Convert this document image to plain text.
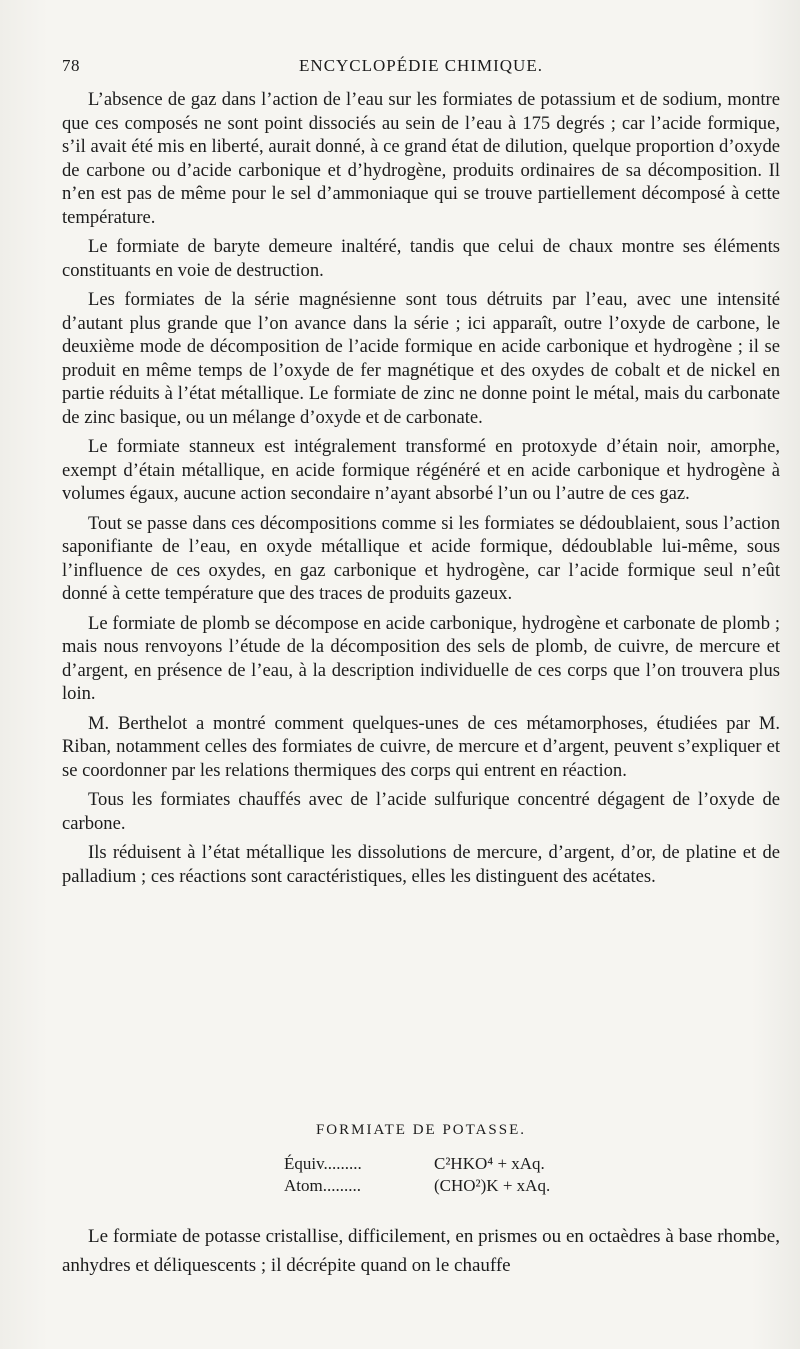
78	ENCYCLOPÉDIE CHIMIQUE.

L’absence de gaz dans l’action de l’eau sur les formiates de potassium et de sodium, montre que ces composés ne sont point dissociés au sein de l’eau à 175 degrés ; car l’acide formique, s’il avait été mis en liberté, aurait donné, à ce grand état de dilution, quelque proportion d’oxyde de carbone ou d’acide carbonique et d’hydrogène, produits ordinaires de sa décomposition. Il n’en est pas de même pour le sel d’ammoniaque qui se trouve partiellement décomposé à cette température.

Le formiate de baryte demeure inaltéré, tandis que celui de chaux montre ses éléments constituants en voie de destruction.

Les formiates de la série magnésienne sont tous détruits par l’eau, avec une intensité d’autant plus grande que l’on avance dans la série ; ici apparaît, outre l’oxyde de carbone, le deuxième mode de décomposition de l’acide formique en acide carbonique et hydrogène ; il se produit en même temps de l’oxyde de fer magnétique et des oxydes de cobalt et de nickel en partie réduits à l’état métallique. Le formiate de zinc ne donne point le métal, mais du carbonate de zinc basique, ou un mélange d’oxyde et de carbonate.

Le formiate stanneux est intégralement transformé en protoxyde d’étain noir, amorphe, exempt d’étain métallique, en acide formique régénéré et en acide carbonique et hydrogène à volumes égaux, aucune action secondaire n’ayant absorbé l’un ou l’autre de ces gaz.

Tout se passe dans ces décompositions comme si les formiates se dédoublaient, sous l’action saponifiante de l’eau, en oxyde métallique et acide formique, dédoublable lui-même, sous l’influence de ces oxydes, en gaz carbonique et hydrogène, car l’acide formique seul n’eût donné à cette température que des traces de produits gazeux.

Le formiate de plomb se décompose en acide carbonique, hydrogène et carbonate de plomb ; mais nous renvoyons l’étude de la décomposition des sels de plomb, de cuivre, de mercure et d’argent, en présence de l’eau, à la description individuelle de ces corps que l’on trouvera plus loin.

M. Berthelot a montré comment quelques-unes de ces métamorphoses, étudiées par M. Riban, notamment celles des formiates de cuivre, de mercure et d’argent, peuvent s’expliquer et se coordonner par les relations thermiques des corps qui entrent en réaction.

Tous les formiates chauffés avec de l’acide sulfurique concentré dégagent de l’oxyde de carbone.

Ils réduisent à l’état métallique les dissolutions de mercure, d’argent, d’or, de platine et de palladium ; ces réactions sont caractéristiques, elles les distinguent des acétates.

FORMIATE DE POTASSE.
Équiv.........	C²HKO⁴ + xAq.
Atom.........	(CHO²)K + xAq.

Le formiate de potasse cristallise, difficilement, en prismes ou en octaèdres à base rhombe, anhydres et déliquescents ; il décrépite quand on le chauffe
